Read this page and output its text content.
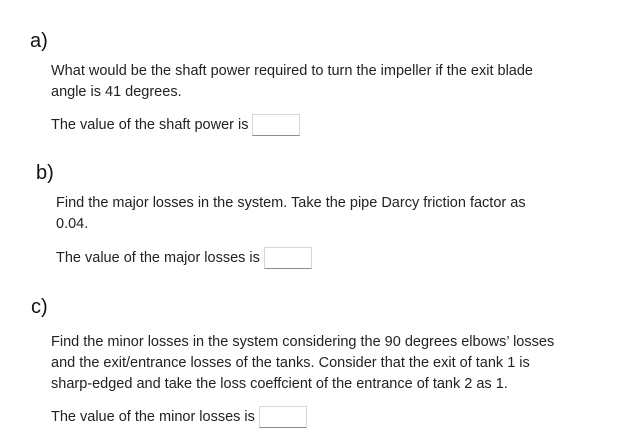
a)
What would be the shaft power required to turn the impeller if the exit blade
angle is 41 degrees.
The value of the shaft power is
b)
Find the major losses in the system. Take the pipe Darcy friction factor as
0.04.
The value of the major losses is
c)
Find the minor losses in the system considering the 90 degrees elbows’ losses
and the exit/entrance losses of the tanks. Consider that the exit of tank 1 is
sharp-edged and take the loss coeffcient of the entrance of tank 2 as 1.
The value of the minor losses is
